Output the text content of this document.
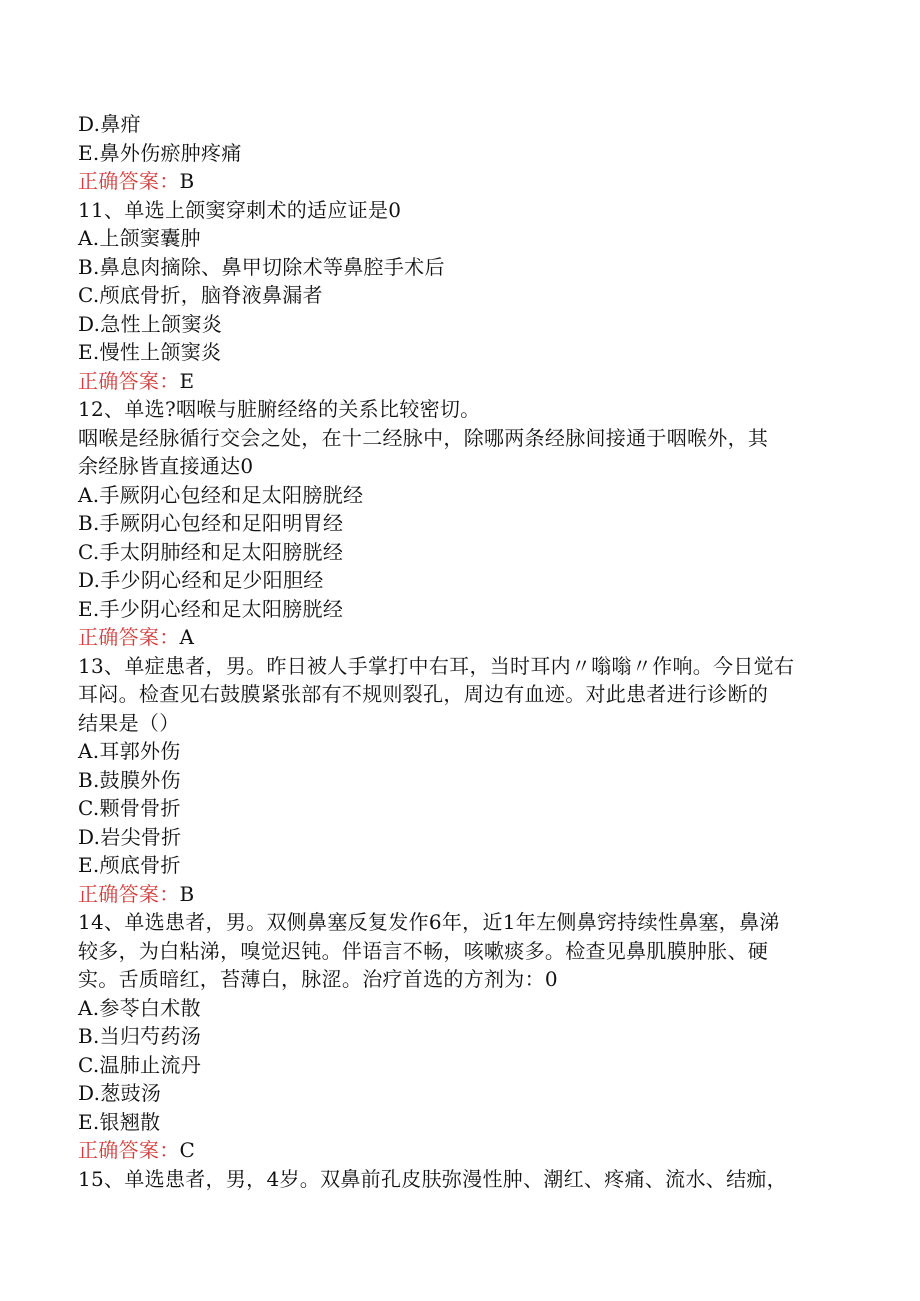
D.鼻疳
E.鼻外伤瘀肿疼痛
正确答案：B
11、单选上颌窦穿刺术的适应证是0
A.上颌窦囊肿
B.鼻息肉摘除、鼻甲切除术等鼻腔手术后
C.颅底骨折，脑脊液鼻漏者
D.急性上颌窦炎
E.慢性上颌窦炎
正确答案：E
12、单选?咽喉与脏腑经络的关系比较密切。
咽喉是经脉循行交会之处，在十二经脉中，除哪两条经脉间接通于咽喉外，其
余经脉皆直接通达0
A.手厥阴心包经和足太阳膀胱经
B.手厥阴心包经和足阳明胃经
C.手太阴肺经和足太阳膀胱经
D.手少阴心经和足少阳胆经
E.手少阴心经和足太阳膀胱经
正确答案：A
13、单症患者，男。昨日被人手掌打中右耳，当时耳内〃嗡嗡〃作响。今日觉右
耳闷。检查见右鼓膜紧张部有不规则裂孔，周边有血迹。对此患者进行诊断的
结果是（）
A.耳郭外伤
B.鼓膜外伤
C.颗骨骨折
D.岩尖骨折
E.颅底骨折
正确答案：B
14、单选患者，男。双侧鼻塞反复发作6年，近1年左侧鼻窍持续性鼻塞，鼻涕
较多，为白粘涕，嗅觉迟钝。伴语言不畅，咳嗽痰多。检查见鼻肌膜肿胀、硬
实。舌质暗红，苔薄白，脉涩。治疗首选的方剂为：0
A.参苓白术散
B.当归芍药汤
C.温肺止流丹
D.葱豉汤
E.银翘散
正确答案：C
15、单选患者，男，4岁。双鼻前孔皮肤弥漫性肿、潮红、疼痛、流水、结痂，
